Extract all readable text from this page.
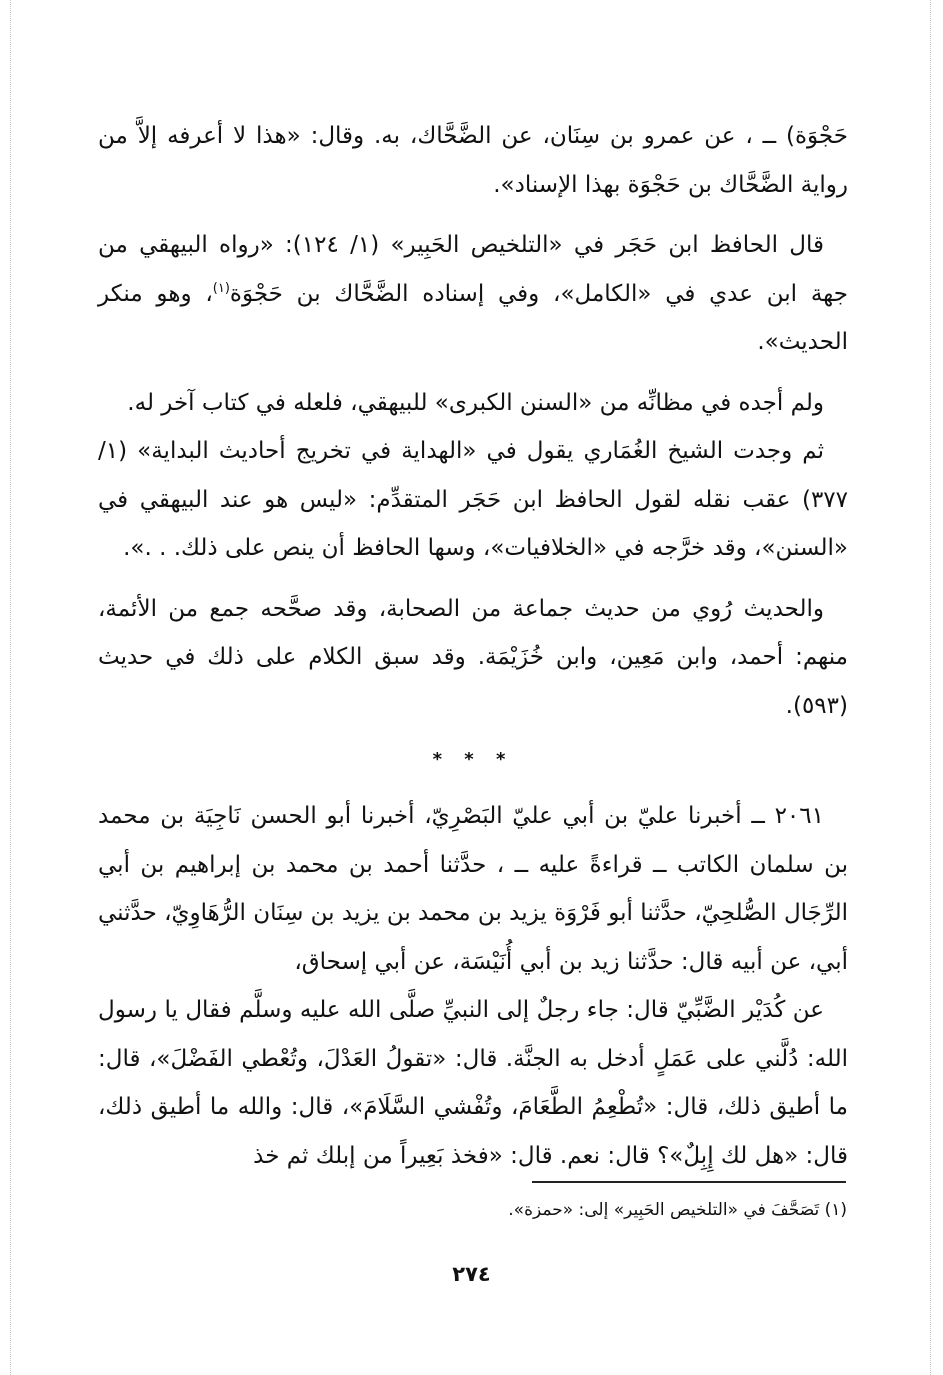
حَجْوَة) ــ ، عن عمرو بن سِنَان، عن الضَّحَّاك، به. وقال: «هذا لا أعرفه إلاَّ من رواية الضَّحَّاك بن حَجْوَة بهذا الإسناد».

قال الحافظ ابن حَجَر في «التلخيص الحَبِير» (١/ ١٢٤): «رواه البيهقي من جهة ابن عدي في «الكامل»، وفي إسناده الضَّحَّاك بن حَجْوَة$^{(١)}$، وهو منكر الحديث».

ولم أجده في مظانِّه من «السنن الكبرى» للبيهقي، فلعله في كتاب آخر له.

ثم وجدت الشيخ الغُمَاري يقول في «الهداية في تخريج أحاديث البداية» (١/ ٣٧٧) عقب نقله لقول الحافظ ابن حَجَر المتقدِّم: «ليس هو عند البيهقي في «السنن»، وقد خرَّجه في «الخلافيات»، وسها الحافظ أن ينص على ذلك. . .».

والحديث رُوي من حديث جماعة من الصحابة، وقد صحَّحه جمع من الأئمة، منهم: أحمد، وابن مَعِين، وابن خُزَيْمَة. وقد سبق الكلام على ذلك في حديث (٥٩٣).

* * *

٢٠٦١ ــ أخبرنا عليّ بن أبي عليّ البَصْرِيّ، أخبرنا أبو الحسن نَاجِيَة بن محمد بن سلمان الكاتب ــ قراءةً عليه ــ ، حدَّثنا أحمد بن محمد بن إبراهيم بن أبي الرِّجَال الصُّلحِيّ، حدَّثنا أبو فَرْوَة يزيد بن محمد بن يزيد بن سِنَان الرُّهَاوِيّ، حدَّثني أبي، عن أبيه قال: حدَّثنا زيد بن أبي أُنَيْسَة، عن أبي إسحاق،

عن كُدَيْر الضَّبِّيّ قال: جاء رجلٌ إلى النبيِّ صلَّى الله عليه وسلَّم فقال يا رسول الله: دُلَّني على عَمَلٍ أدخل به الجنَّة. قال: «تقولُ العَدْلَ، وتُعْطي الفَضْلَ»، قال: ما أطيق ذلك، قال: «تُطْعِمُ الطَّعَامَ، وتُفْشي السَّلَامَ»، قال: والله ما أطيق ذلك، قال: «هل لك إِبِلٌ»؟ قال: نعم. قال: «فخذ بَعِيراً من إبلك ثم خذ

(١) تَصَحَّفَ في «التلخيص الحَبِير» إلى: «حمزة».
٢٧٤
